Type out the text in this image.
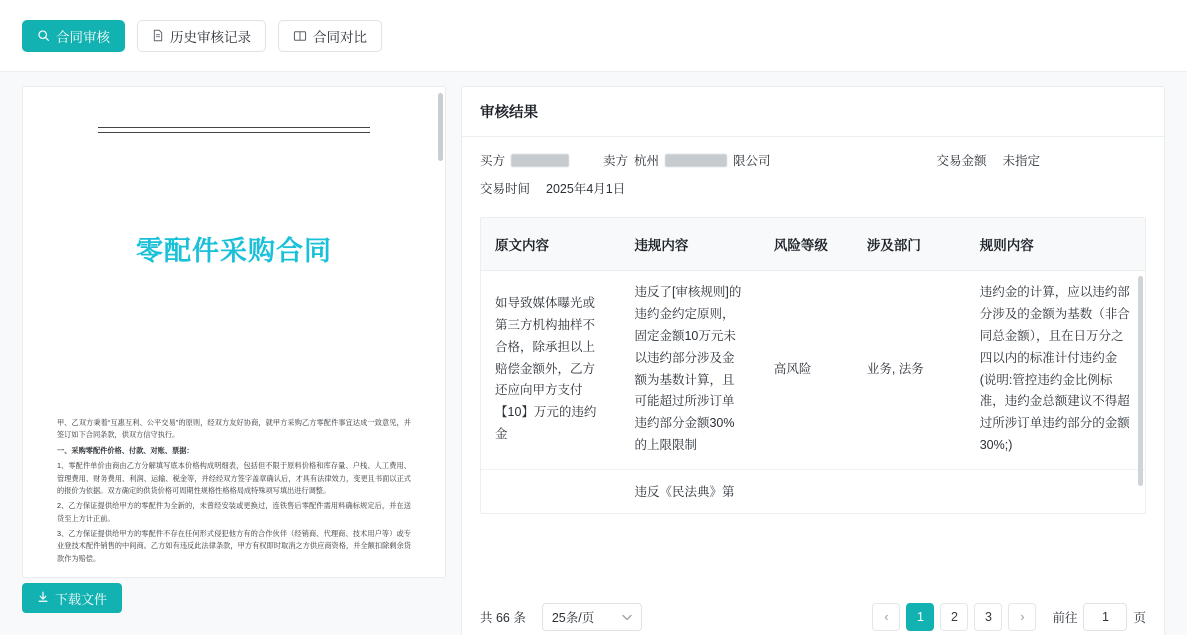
合同审核	历史审核记录	合同对比
零配件采购合同

甲、乙双方秉着“互惠互利、公平交易”的原则，经双方友好协商，就甲方采购乙方零配件事宜达成一致意见，并签订如下合同条款，供双方信守执行。

一、采购零配件价格、付款、对账、票据：

1、零配件单价由商由乙方分解填写底本价格构成明细表，包括但不限于原料价格和库存量、户栈、人工费用、管理费用、财务费用、利润、运输、税金等，并经经双方签字盖章确认后，才具有法律效力，变更且书面以正式的报价为依据。双方确定的供货价格可周期性规格性格格局成特殊项写填出进行调整。

2、乙方保证提供给甲方的零配件为全新的，未曾经安装或更换过，连铁售后零配件需用料确标规定后，并在送货至上方计正前。

3、乙方保证提供给甲方的零配件不存在任何形式侵犯他方有的合作伙伴（经销商、代理商、技术用户等）或专业登技术配件销售的中间商。乙方如有违反此法律条款，甲方有权即时取消之方供应商资格，并全额扣除剩余货款作为赔偿。

下载文件
审核结果
买方	卖方 杭州	限公司	交易金额 未指定
交易时间 2025年4月1日
原文内容	违规内容	风险等级	涉及部门	规则内容
如导致媒体曝光或第三方机构抽样不合格，除承担以上赔偿金额外，乙方还应向甲方支付【10】万元的违约金	违反了[审核规则]的违约金约定原则，固定金额10万元未以违约部分涉及金额为基数计算，且可能超过所涉订单违约部分金额30%的上限限制	高风险	业务, 法务	违约金的计算，应以违约部分涉及的金额为基数（非合同总金额），且在日万分之四以内的标准计付违约金(说明:管控违约金比例标准，违约金总额建议不得超过所涉订单违约部分的金额30%;)
	违反《民法典》第			
共 66 条 25条/页	‹	1	2	3	›	前往
1	页
